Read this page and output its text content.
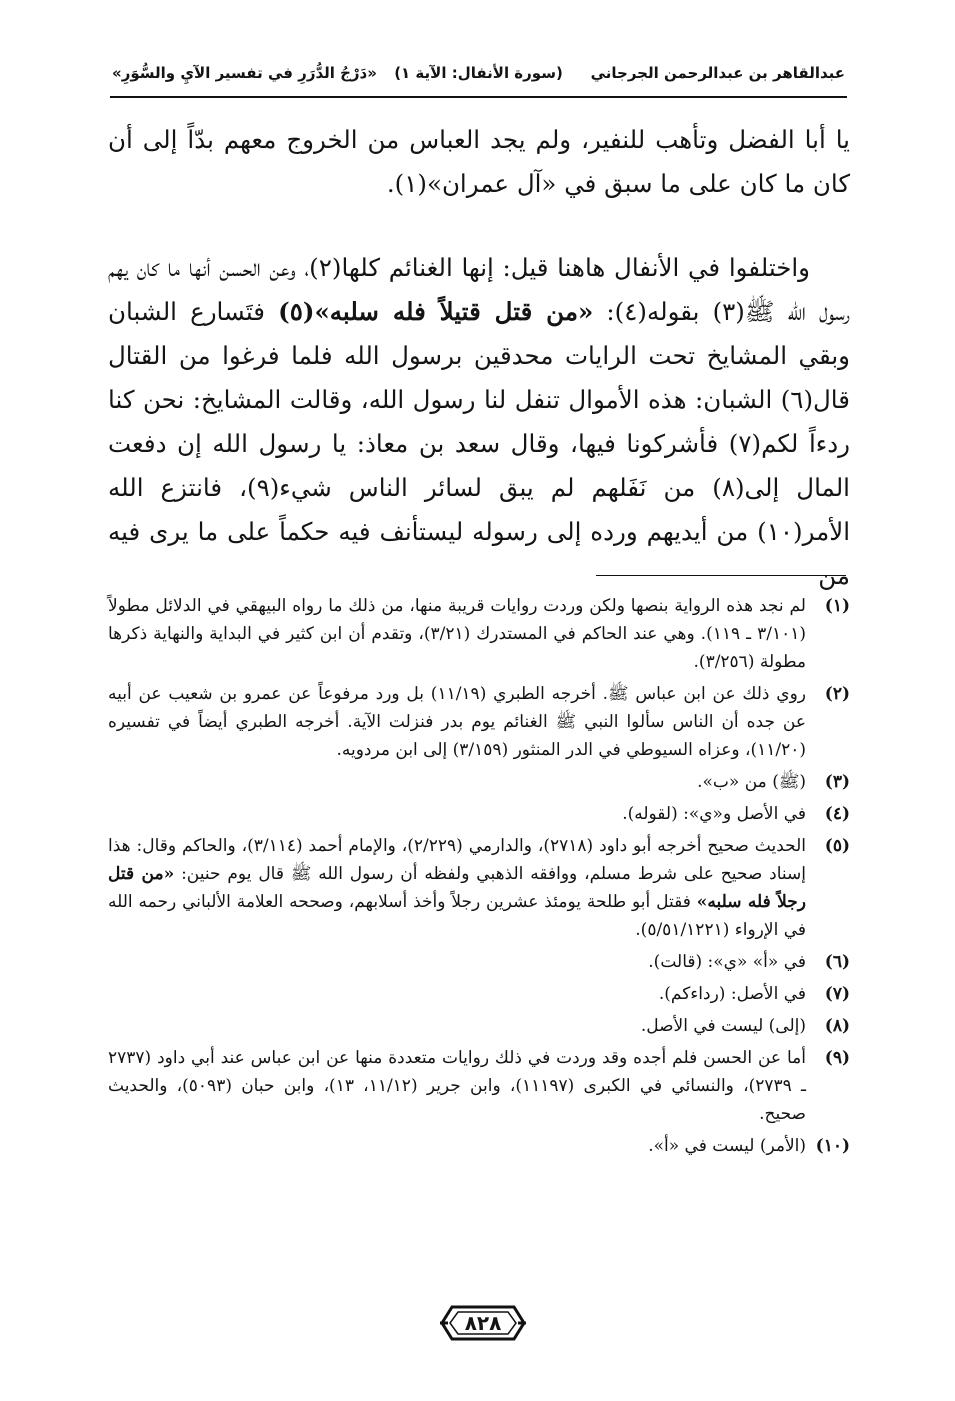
عبدالقاهر بن عبدالرحمن الجرجاني
(سورة الأنفال: الآية ١)
«دَرْجُ الدُّرَرِ في تفسير الآيِ والسُّوَرِ»

يا أبا الفضل وتأهب للنفير، ولم يجد العباس من الخروج معهم بدّاً إلى أن كان ما كان على ما سبق في «آل عمران»(١).

واختلفوا في الأنفال هاهنا قيل: إنها الغنائم كلها(٢)، وعن الحسن أنها ما كان يهم رسول الله ﷺ(٣) بقوله(٤): «من قتل قتيلاً فله سلبه»(٥) فتَسارع الشبان وبقي المشايخ تحت الرايات محدقين برسول الله فلما فرغوا من القتال قال(٦) الشبان: هذه الأموال تنفل لنا رسول الله، وقالت المشايخ: نحن كنا ردءاً لكم(٧) فأشركونا فيها، وقال سعد بن معاذ: يا رسول الله إن دفعت المال إلى(٨) من نَفَلهم لم يبق لسائر الناس شيء(٩)، فانتزع الله الأمر(١٠) من أيديهم ورده إلى رسوله ليستأنف فيه حكماً على ما يرى فيه من

(١)
لم نجد هذه الرواية بنصها ولكن وردت روايات قريبة منها، من ذلك ما رواه البيهقي في الدلائل مطولاً (٣/١٠١ ـ ١١٩). وهي عند الحاكم في المستدرك (٣/٢١)، وتقدم أن ابن كثير في البداية والنهاية ذكرها مطولة (٣/٢٥٦).
(٢)
روي ذلك عن ابن عباس ﷺ. أخرجه الطبري (١١/١٩) بل ورد مرفوعاً عن عمرو بن شعيب عن أبيه عن جده أن الناس سألوا النبي ﷺ الغنائم يوم بدر فنزلت الآية. أخرجه الطبري أيضاً في تفسيره (١١/٢٠)، وعزاه السيوطي في الدر المنثور (٣/١٥٩) إلى ابن مردويه.
(٣)
(ﷺ) من «ب».
(٤)
في الأصل و«ي»: (لقوله).
(٥)
الحديث صحيح أخرجه أبو داود (٢٧١٨)، والدارمي (٢/٢٢٩)، والإمام أحمد (٣/١١٤)، والحاكم وقال: هذا إسناد صحيح على شرط مسلم، ووافقه الذهبي ولفظه أن رسول الله ﷺ قال يوم حنين: «من قتل رجلاً فله سلبه» فقتل أبو طلحة يومئذ عشرين رجلاً وأخذ أسلابهم، وصححه العلامة الألباني رحمه الله في الإرواء (٥/٥١/١٢٢١).
(٦)
في «أ» «ي»: (قالت).
(٧)
في الأصل: (رداءكم).
(٨)
(إلى) ليست في الأصل.
(٩)
أما عن الحسن فلم أجده وقد وردت في ذلك روايات متعددة منها عن ابن عباس عند أبي داود (٢٧٣٧ ـ ٢٧٣٩)، والنسائي في الكبرى (١١١٩٧)، وابن جرير (١١/١٢، ١٣)، وابن حبان (٥٠٩٣)، والحديث صحيح.
(١٠)
(الأمر) ليست في «أ».
٨٢٨
